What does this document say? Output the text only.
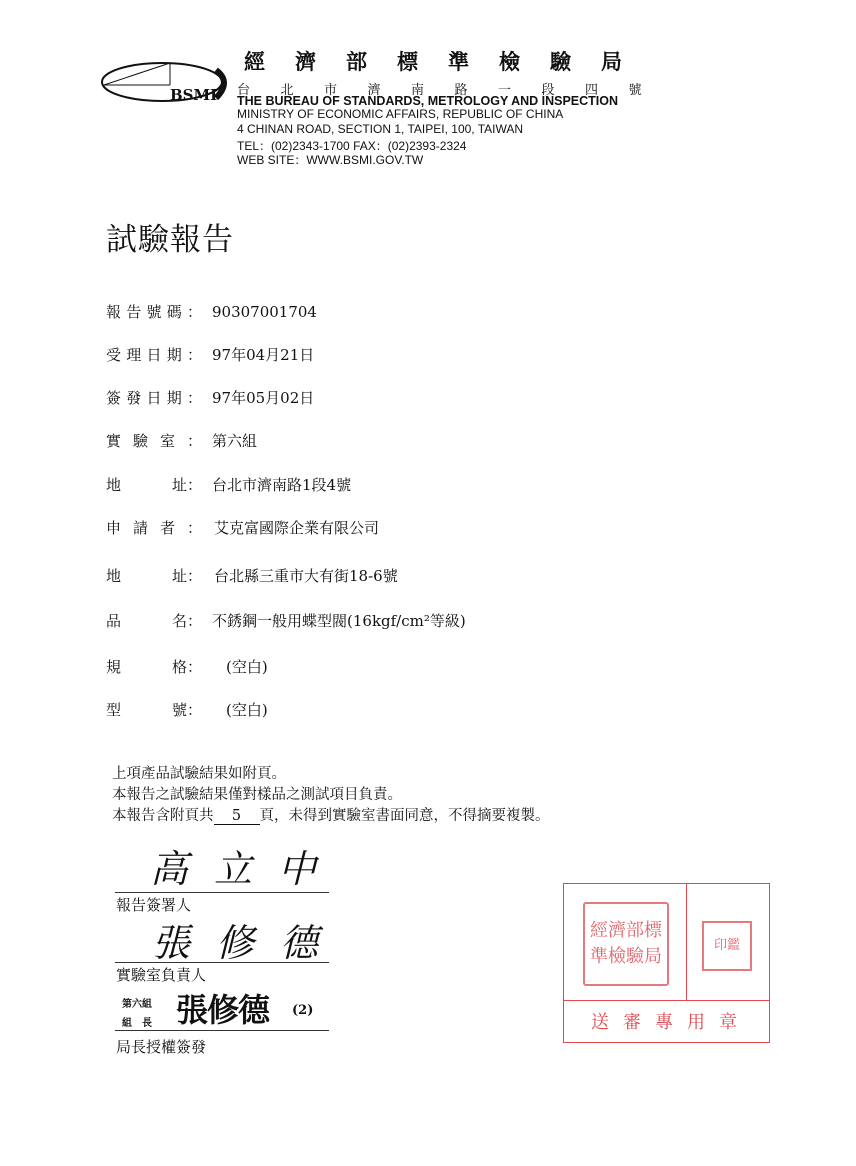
BSMI
經 濟 部 標 準 檢 驗 局
台 北 市 濟 南 路 一 段 四 號
THE BUREAU OF STANDARDS, METROLOGY AND INSPECTION
MINISTRY OF ECONOMIC AFFAIRS, REPUBLIC OF CHINA
4 CHINAN ROAD, SECTION 1, TAIPEI, 100, TAIWAN
TEL：(02)2343-1700 FAX：(02)2393-2324
WEB SITE：WWW.BSMI.GOV.TW
試驗報告
報 告 號 碼 ： 90307001704
受 理 日 期 ： 97年04月21日
簽 發 日 期 ： 97年05月02日
實 驗 室 ： 第六組
地	址 ： 台北市濟南路1段4號
申 請 者 ： 艾克富國際企業有限公司
地	址 ： 台北縣三重市大有街18-6號
品	名 ： 不銹鋼一般用蝶型閥(16kgf/cm²等級)
規	格 ： (空白)
型	號 ： (空白)
上項產品試驗結果如附頁。
本報告之試驗結果僅對樣品之測試項目負責。
本報告含附頁共 5 頁，未得到實驗室書面同意，不得摘要複製。
高立中
報告簽署人
張修德
實驗室負責人
第六組
組　長 張修德 (2)
局長授權簽發
經濟部標準檢驗局
印鑑
送審專用章
